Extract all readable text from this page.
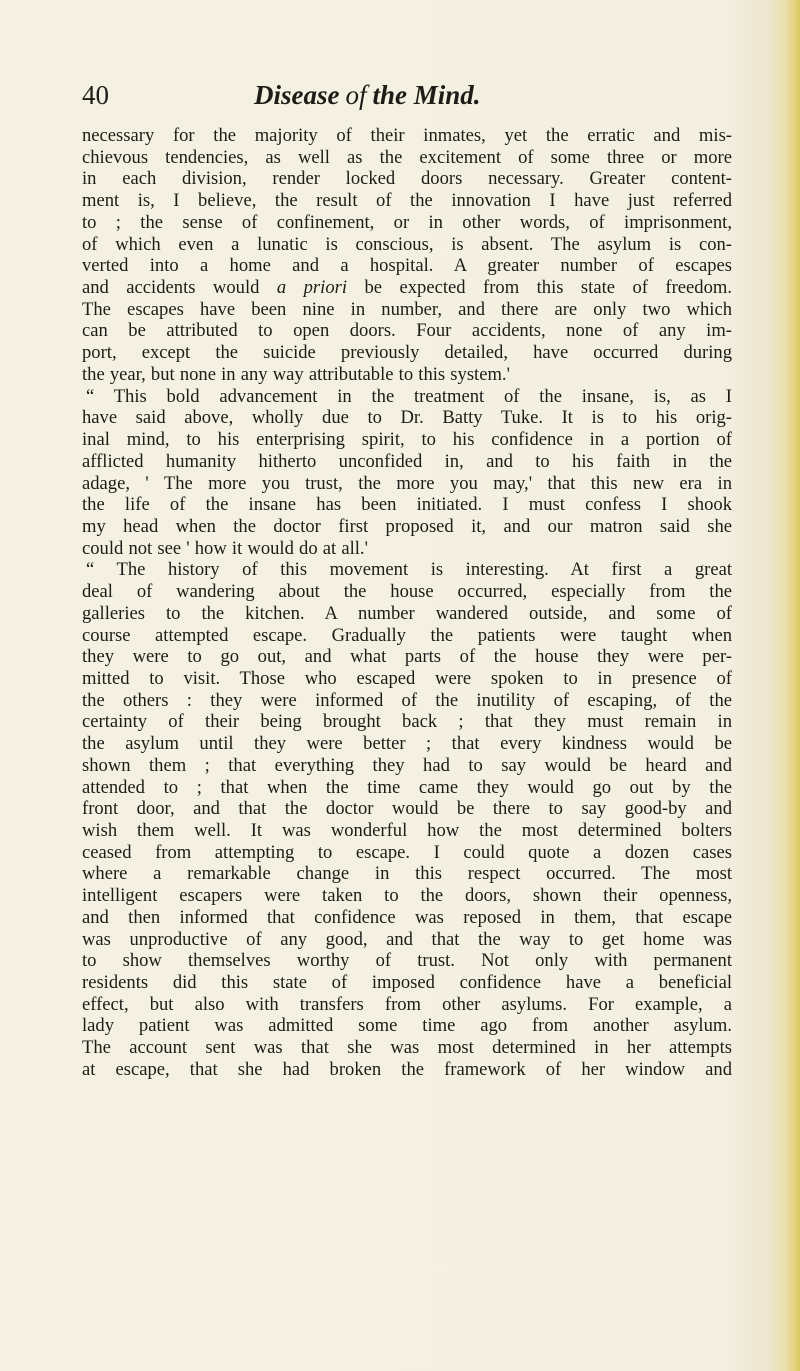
40	Disease of the Mind.
necessary for the majority of their inmates, yet the erratic and mis-
chievous tendencies, as well as the excitement of some three or more
in each division, render locked doors necessary. Greater content-
ment is, I believe, the result of the innovation I have just referred
to ; the sense of confinement, or in other words, of imprisonment,
of which even a lunatic is conscious, is absent. The asylum is con-
verted into a home and a hospital. A greater number of escapes
and accidents would a priori be expected from this state of freedom.
The escapes have been nine in number, and there are only two which
can be attributed to open doors. Four accidents, none of any im-
port, except the suicide previously detailed, have occurred during
the year, but none in any way attributable to this system.'
“ This bold advancement in the treatment of the insane, is, as I
have said above, wholly due to Dr. Batty Tuke. It is to his orig-
inal mind, to his enterprising spirit, to his confidence in a portion of
afflicted humanity hitherto unconfided in, and to his faith in the
adage, ' The more you trust, the more you may,' that this new era in
the life of the insane has been initiated. I must confess I shook
my head when the doctor first proposed it, and our matron said she
could not see ' how it would do at all.'
“ The history of this movement is interesting. At first a great
deal of wandering about the house occurred, especially from the
galleries to the kitchen. A number wandered outside, and some of
course attempted escape. Gradually the patients were taught when
they were to go out, and what parts of the house they were per-
mitted to visit. Those who escaped were spoken to in presence of
the others : they were informed of the inutility of escaping, of the
certainty of their being brought back ; that they must remain in
the asylum until they were better ; that every kindness would be
shown them ; that everything they had to say would be heard and
attended to ; that when the time came they would go out by the
front door, and that the doctor would be there to say good-by and
wish them well. It was wonderful how the most determined bolters
ceased from attempting to escape. I could quote a dozen cases
where a remarkable change in this respect occurred. The most
intelligent escapers were taken to the doors, shown their openness,
and then informed that confidence was reposed in them, that escape
was unproductive of any good, and that the way to get home was
to show themselves worthy of trust. Not only with permanent
residents did this state of imposed confidence have a beneficial
effect, but also with transfers from other asylums. For example, a
lady patient was admitted some time ago from another asylum.
The account sent was that she was most determined in her attempts
at escape, that she had broken the framework of her window and
